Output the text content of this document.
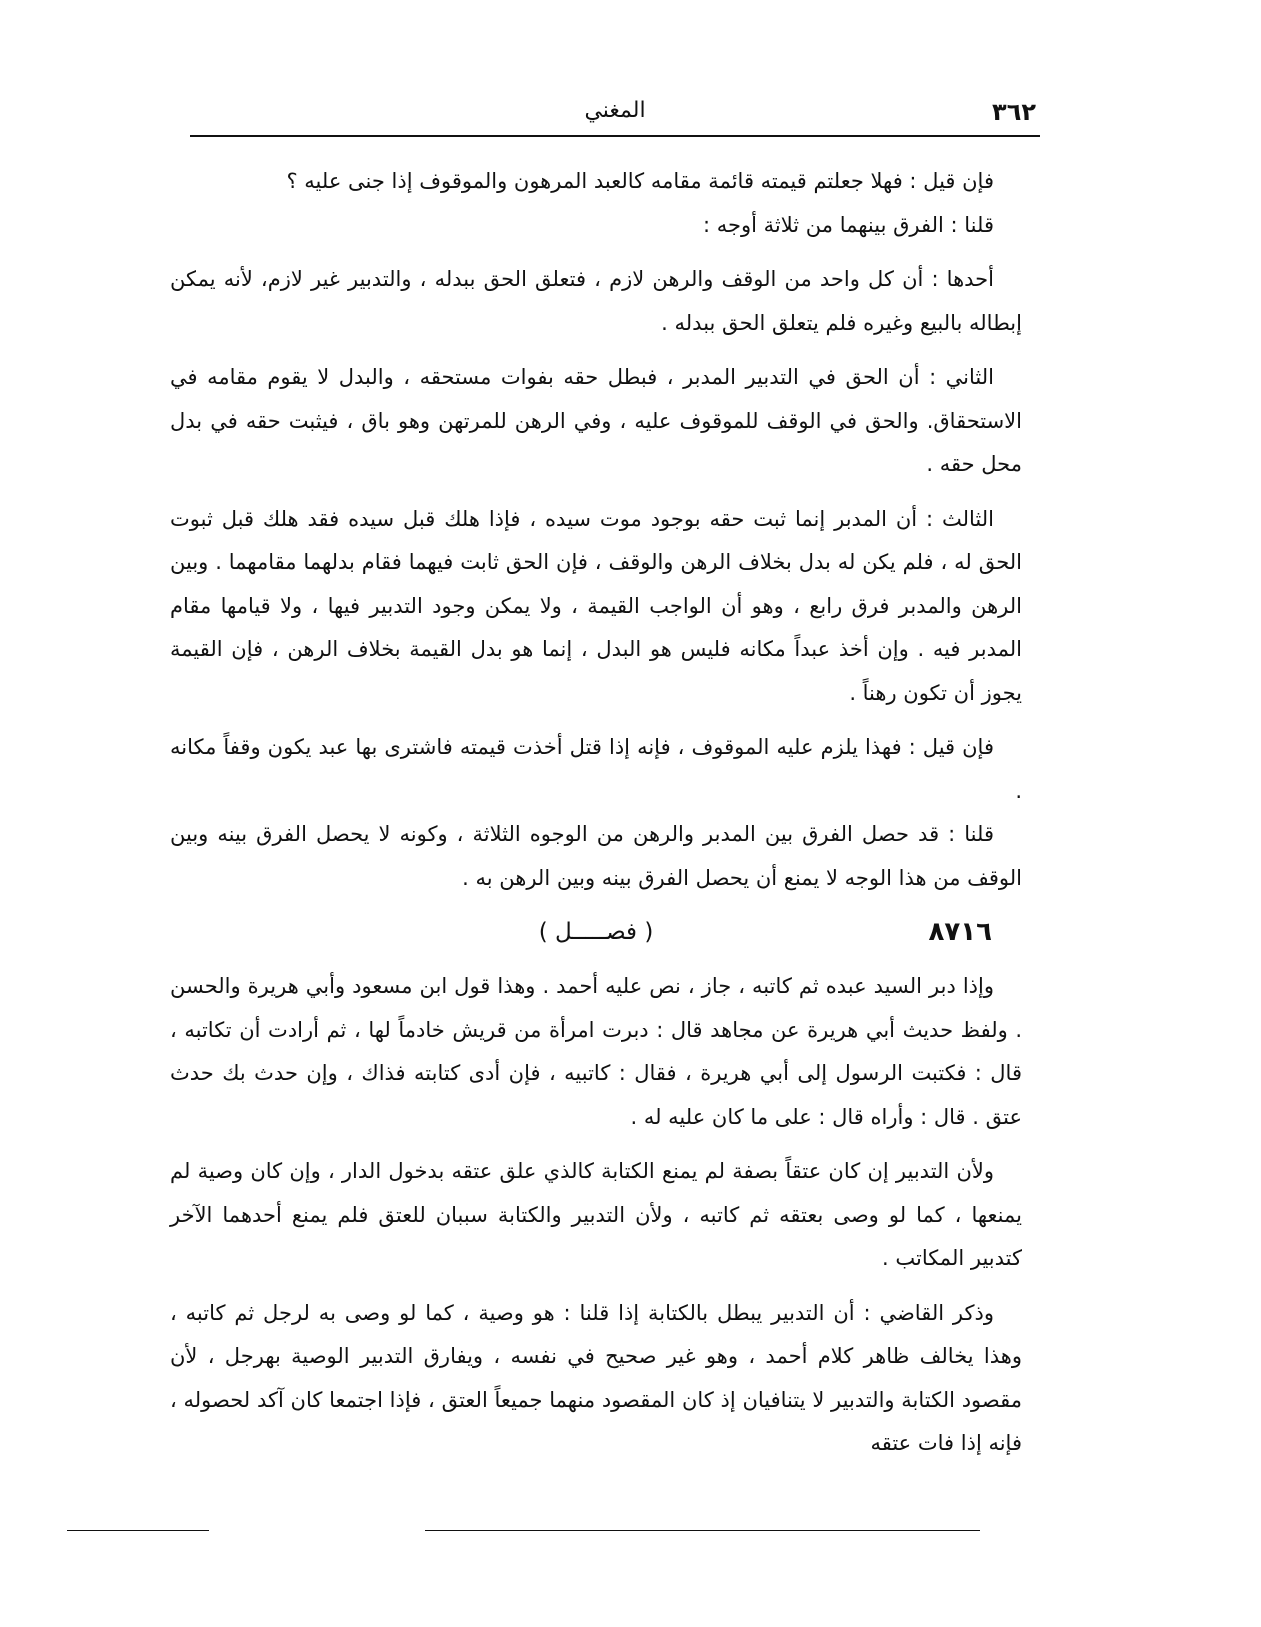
٣٦٢
المغني

فإن قيل : فهلا جعلتم قيمته قائمة مقامه كالعبد المرهون والموقوف إذا جنى عليه ؟

قلنا : الفرق بينهما من ثلاثة أوجه :

أحدها : أن كل واحد من الوقف والرهن لازم ، فتعلق الحق ببدله ، والتدبير غير لازم، لأنه يمكن إبطاله بالبيع وغيره فلم يتعلق الحق ببدله .

الثاني : أن الحق في التدبير المدبر ، فبطل حقه بفوات مستحقه ، والبدل لا يقوم مقامه في الاستحقاق. والحق في الوقف للموقوف عليه ، وفي الرهن للمرتهن وهو باق ، فيثبت حقه في بدل محل حقه .

الثالث : أن المدبر إنما ثبت حقه بوجود موت سيده ، فإذا هلك قبل سيده فقد هلك قبل ثبوت الحق له ، فلم يكن له بدل بخلاف الرهن والوقف ، فإن الحق ثابت فيهما فقام بدلهما مقامهما . وبين الرهن والمدبر فرق رابع ، وهو أن الواجب القيمة ، ولا يمكن وجود التدبير فيها ، ولا قيامها مقام المدبر فيه . وإن أخذ عبداً مكانه فليس هو البدل ، إنما هو بدل القيمة بخلاف الرهن ، فإن القيمة يجوز أن تكون رهناً .

فإن قيل : فهذا يلزم عليه الموقوف ، فإنه إذا قتل أخذت قيمته فاشترى بها عبد يكون وقفاً مكانه .

قلنا : قد حصل الفرق بين المدبر والرهن من الوجوه الثلاثة ، وكونه لا يحصل الفرق بينه وبين الوقف من هذا الوجه لا يمنع أن يحصل الفرق بينه وبين الرهن به .

٨٧١٦
( فصـــــل )

وإذا دبر السيد عبده ثم كاتبه ، جاز ، نص عليه أحمد . وهذا قول ابن مسعود وأبي هريرة والحسن . ولفظ حديث أبي هريرة عن مجاهد قال : دبرت امرأة من قريش خادماً لها ، ثم أرادت أن تكاتبه ، قال : فكتبت الرسول إلى أبي هريرة ، فقال : كاتبيه ، فإن أدى كتابته فذاك ، وإن حدث بك حدث عتق . قال : وأراه قال : على ما كان عليه له .

ولأن التدبير إن كان عتقاً بصفة لم يمنع الكتابة كالذي علق عتقه بدخول الدار ، وإن كان وصية لم يمنعها ، كما لو وصى بعتقه ثم كاتبه ، ولأن التدبير والكتابة سببان للعتق فلم يمنع أحدهما الآخر كتدبير المكاتب .

وذكر القاضي : أن التدبير يبطل بالكتابة إذا قلنا : هو وصية ، كما لو وصى به لرجل ثم كاتبه ، وهذا يخالف ظاهر كلام أحمد ، وهو غير صحيح في نفسه ، ويفارق التدبير الوصية بهرجل ، لأن مقصود الكتابة والتدبير لا يتنافيان إذ كان المقصود منهما جميعاً العتق ، فإذا اجتمعا كان آكد لحصوله ، فإنه إذا فات عتقه
